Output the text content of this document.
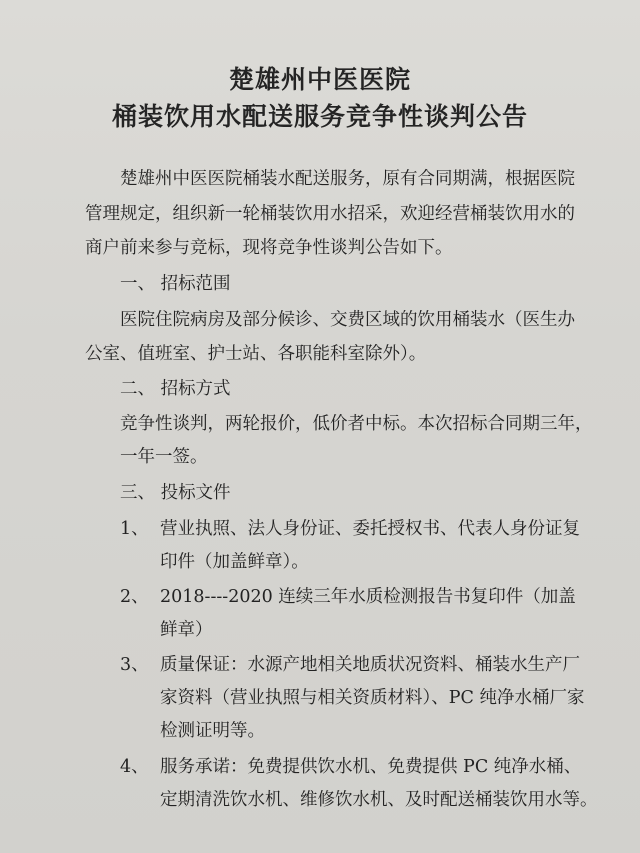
楚雄州中医医院
桶装饮用水配送服务竞争性谈判公告
楚雄州中医医院桶装水配送服务，原有合同期满，根据医院
管理规定，组织新一轮桶装饮用水招采，欢迎经营桶装饮用水的
商户前来参与竞标，现将竞争性谈判公告如下。
一、 招标范围
医院住院病房及部分候诊、交费区域的饮用桶装水（医生办
公室、值班室、护士站、各职能科室除外）。
二、 招标方式
竞争性谈判，两轮报价，低价者中标。本次招标合同期三年，
一年一签。
三、 投标文件
1、 营业执照、法人身份证、委托授权书、代表人身份证复
印件（加盖鲜章）。
2、 2018----2020 连续三年水质检测报告书复印件（加盖
鲜章）
3、 质量保证：水源产地相关地质状况资料、桶装水生产厂
家资料（营业执照与相关资质材料）、PC 纯净水桶厂家
检测证明等。
4、 服务承诺：免费提供饮水机、免费提供 PC 纯净水桶、
定期清洗饮水机、维修饮水机、及时配送桶装饮用水等。
